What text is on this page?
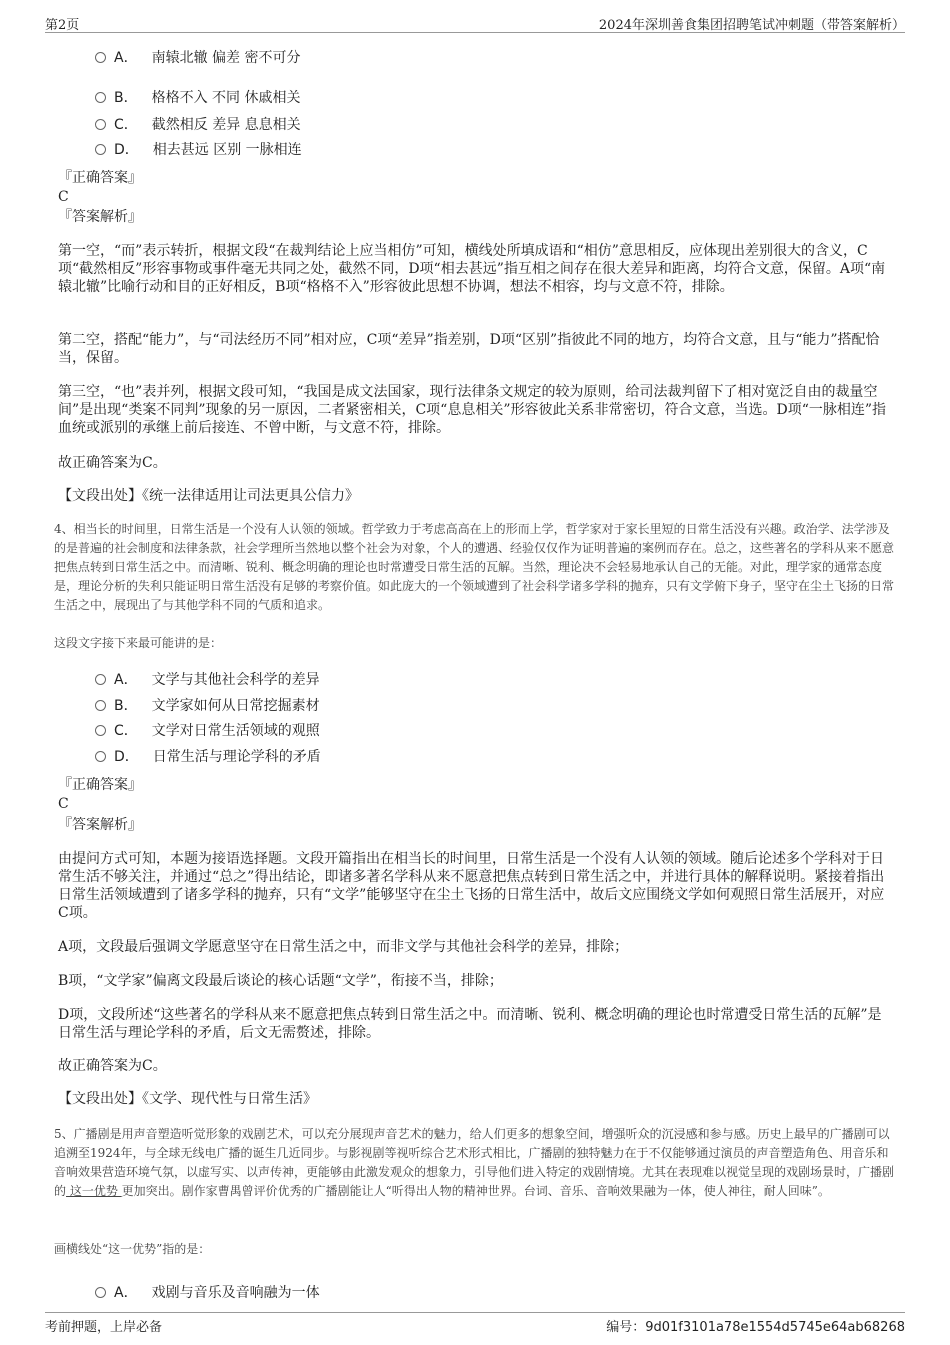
第2页	2024年深圳善食集团招聘笔试冲刺题（带答案解析）
A． 南辕北辙 偏差 密不可分
B． 格格不入 不同 休戚相关
C． 截然相反 差异 息息相关
D． 相去甚远 区别 一脉相连
『正确答案』
C
『答案解析』
第一空，“而”表示转折，根据文段“在裁判结论上应当相仿”可知，横线处所填成语和“相仿”意思相反，应体现出差别很大的含义，C项“截然相反”形容事物或事件毫无共同之处，截然不同，D项“相去甚远”指互相之间存在很大差异和距离，均符合文意，保留。A项“南辕北辙”比喻行动和目的正好相反，B项“格格不入”形容彼此思想不协调，想法不相容，均与文意不符，排除。
第二空，搭配“能力”，与“司法经历不同”相对应，C项“差异”指差别，D项“区别”指彼此不同的地方，均符合文意，且与“能力”搭配恰当，保留。
第三空，“也”表并列，根据文段可知，“我国是成文法国家，现行法律条文规定的较为原则，给司法裁判留下了相对宽泛自由的裁量空间”是出现“类案不同判”现象的另一原因，二者紧密相关，C项“息息相关”形容彼此关系非常密切，符合文意，当选。D项“一脉相连”指血统或派别的承继上前后接连、不曾中断，与文意不符，排除。
故正确答案为C。
【文段出处】《统一法律适用让司法更具公信力》
4、相当长的时间里，日常生活是一个没有人认领的领域。哲学致力于考虑高高在上的形而上学，哲学家对于家长里短的日常生活没有兴趣。政治学、法学涉及的是普遍的社会制度和法律条款，社会学理所当然地以整个社会为对象，个人的遭遇、经验仅仅作为证明普遍的案例而存在。总之，这些著名的学科从来不愿意把焦点转到日常生活之中。而清晰、锐利、概念明确的理论也时常遭受日常生活的瓦解。当然，理论决不会轻易地承认自己的无能。对此，理学家的通常态度是，理论分析的失利只能证明日常生活没有足够的考察价值。如此庞大的一个领域遭到了社会科学诸多学科的抛弃，只有文学俯下身子，坚守在尘土飞扬的日常生活之中，展现出了与其他学科不同的气质和追求。
这段文字接下来最可能讲的是：
A． 文学与其他社会科学的差异
B． 文学家如何从日常挖掘素材
C． 文学对日常生活领域的观照
D． 日常生活与理论学科的矛盾
『正确答案』
C
『答案解析』
由提问方式可知，本题为接语选择题。文段开篇指出在相当长的时间里，日常生活是一个没有人认领的领域。随后论述多个学科对于日常生活不够关注，并通过“总之”得出结论，即诸多著名学科从来不愿意把焦点转到日常生活之中，并进行具体的解释说明。紧接着指出日常生活领域遭到了诸多学科的抛弃，只有“文学”能够坚守在尘土飞扬的日常生活中，故后文应围绕文学如何观照日常生活展开，对应C项。
A项，文段最后强调文学愿意坚守在日常生活之中，而非文学与其他社会科学的差异，排除；
B项，“文学家”偏离文段最后谈论的核心话题“文学”，衔接不当，排除；
D项，文段所述“这些著名的学科从来不愿意把焦点转到日常生活之中。而清晰、锐利、概念明确的理论也时常遭受日常生活的瓦解”是日常生活与理论学科的矛盾，后文无需赘述，排除。
故正确答案为C。
【文段出处】《文学、现代性与日常生活》
5、广播剧是用声音塑造听觉形象的戏剧艺术，可以充分展现声音艺术的魅力，给人们更多的想象空间，增强听众的沉浸感和参与感。历史上最早的广播剧可以追溯至1924年，与全球无线电广播的诞生几近同步。与影视剧等视听综合艺术形式相比，广播剧的独特魅力在于不仅能够通过演员的声音塑造角色、用音乐和音响效果营造环境气氛，以虚写实、以声传神，更能够由此激发观众的想象力，引导他们进入特定的戏剧情境。尤其在表现难以视觉呈现的戏剧场景时，广播剧的 这一优势 更加突出。剧作家曹禺曾评价优秀的广播剧能让人“听得出人物的精神世界。台词、音乐、音响效果融为一体，使人神往，耐人回味”。
画横线处“这一优势”指的是：
A． 戏剧与音乐及音响融为一体
考前押题，上岸必备	编号：9d01f3101a78e1554d5745e64ab68268
